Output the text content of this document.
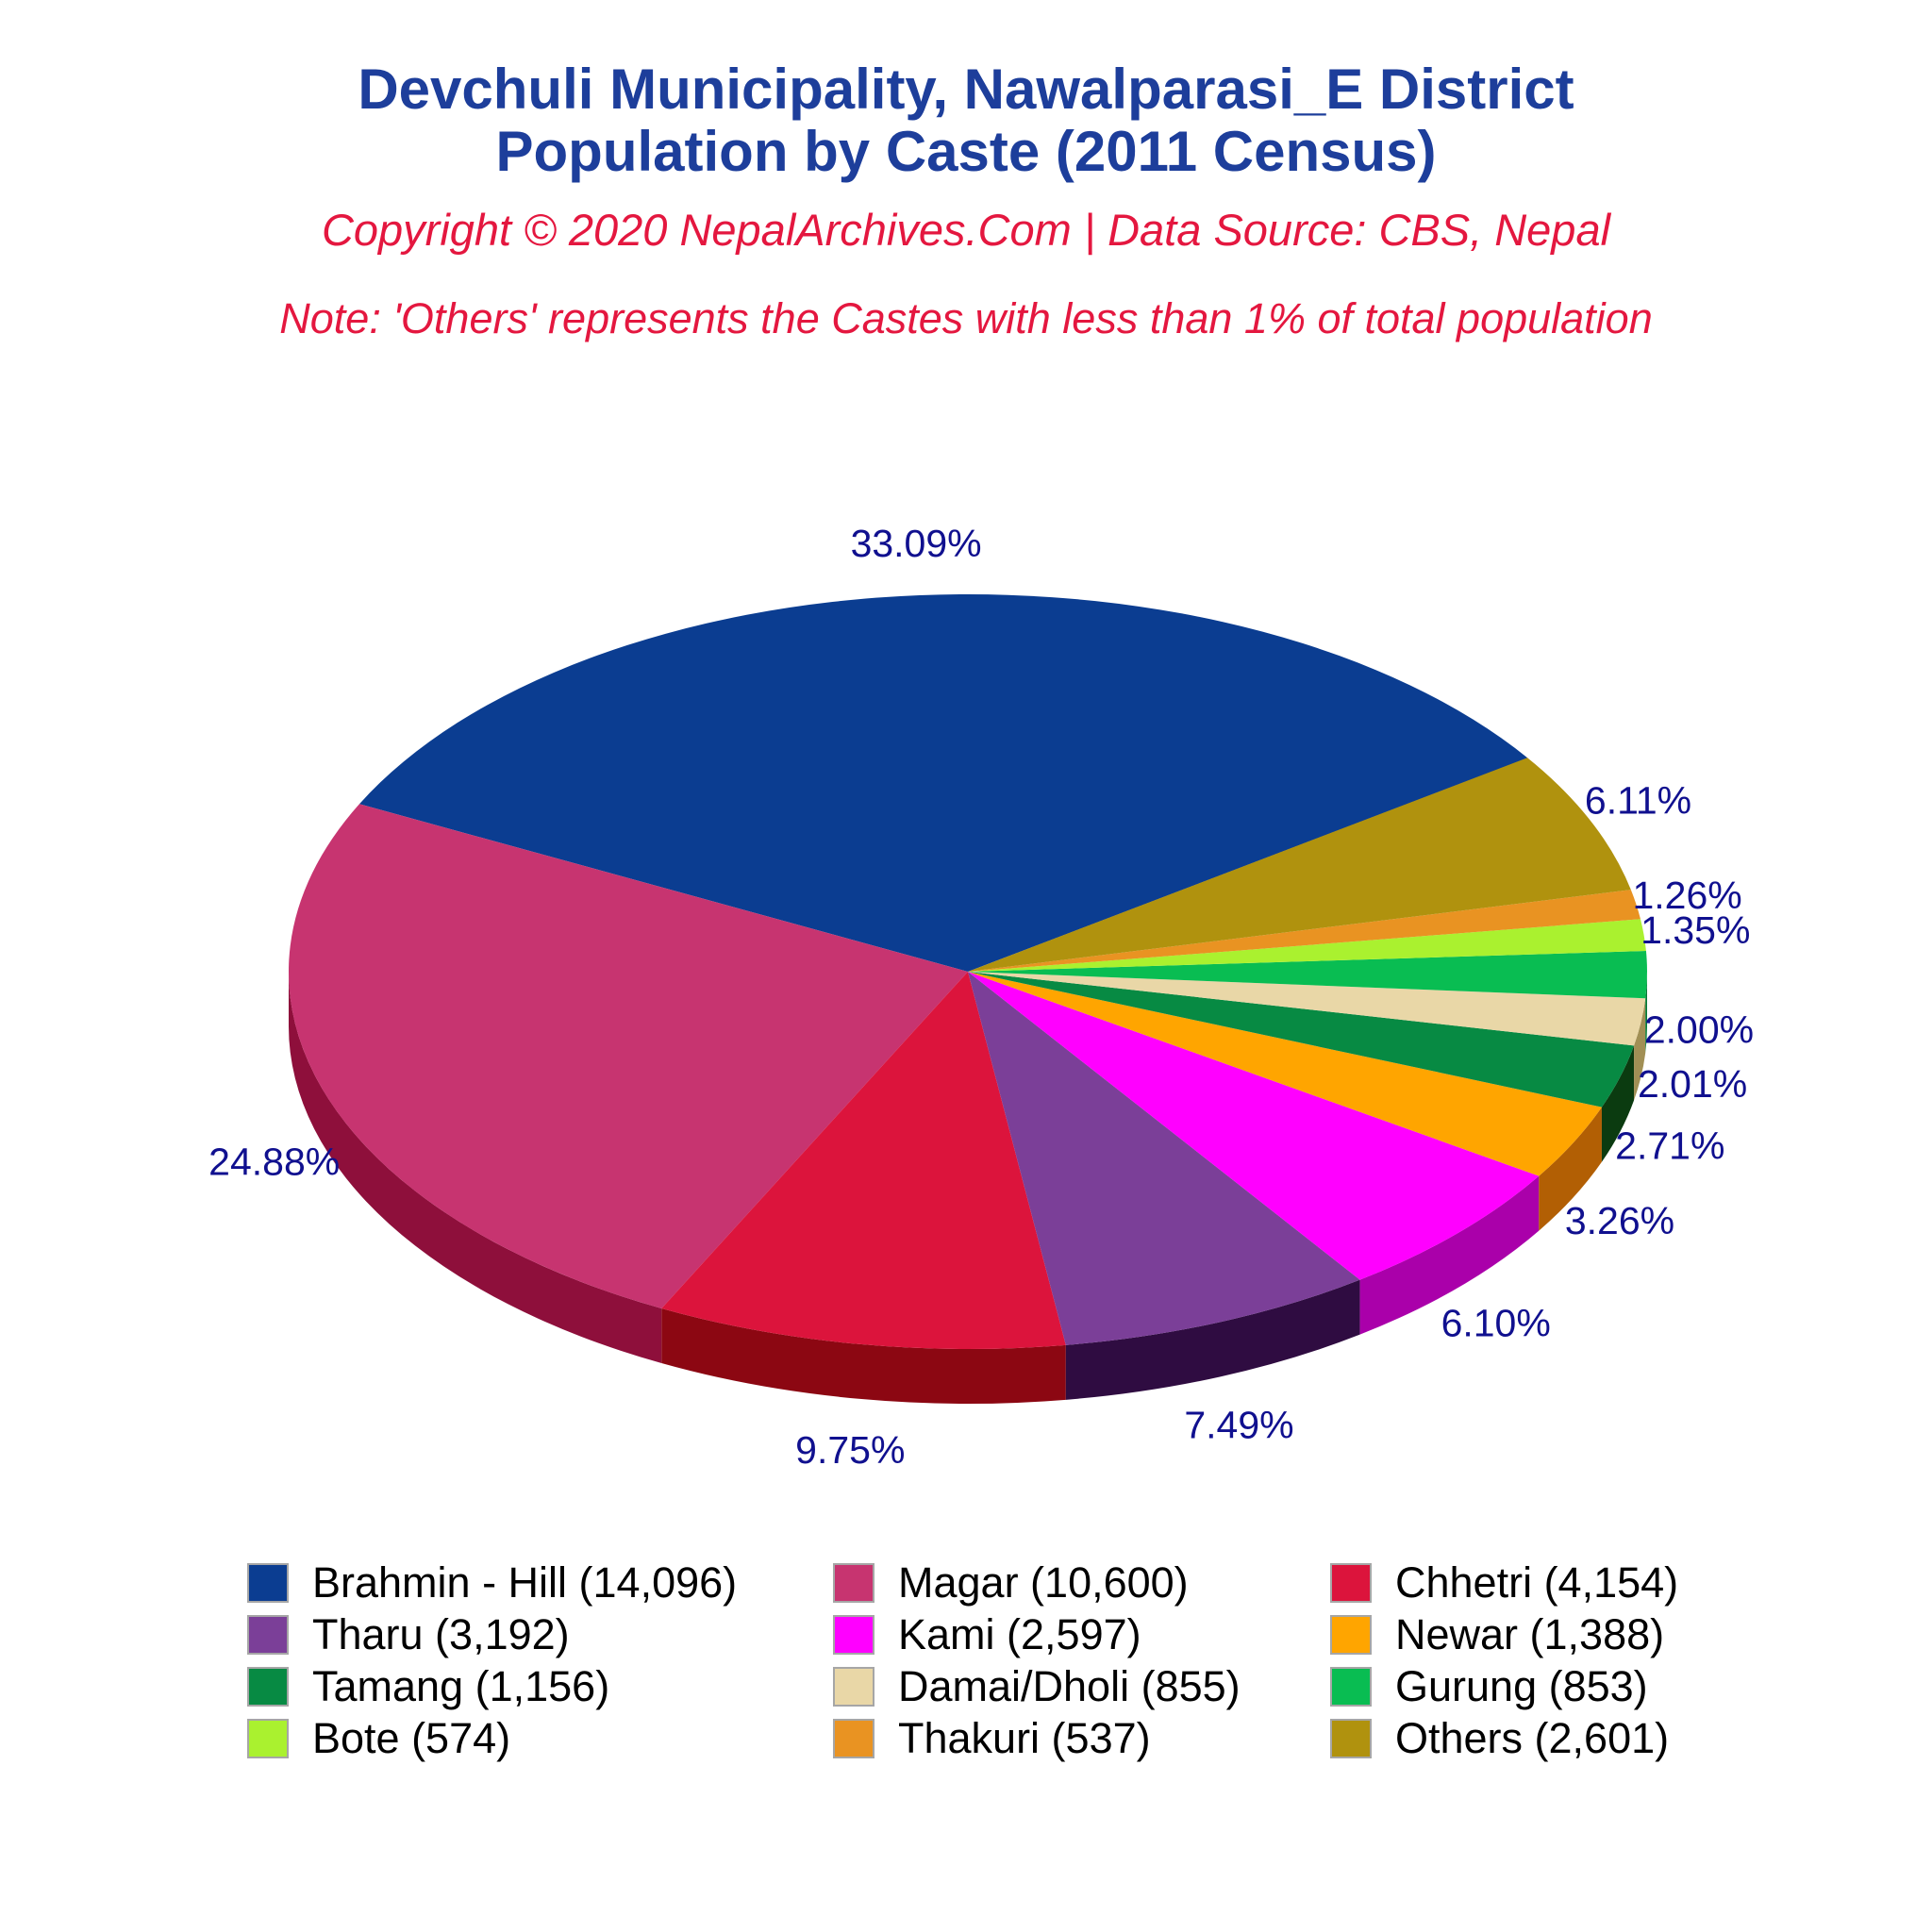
Devchuli Municipality, Nawalparasi_E District
Population by Caste (2011 Census)
Copyright © 2020 NepalArchives.Com | Data Source: CBS, Nepal
Note: 'Others' represents the Castes with less than 1% of total population
33.09%
24.88%
9.75%
7.49%
6.10%
3.26%
2.71%
2.01%
2.00%
1.35%
1.26%
6.11%
Brahmin - Hill (14,096)	Magar (10,600)	Chhetri (4,154)
Tharu (3,192)	Kami (2,597)	Newar (1,388)
Tamang (1,156)	Damai/Dholi (855)	Gurung (853)
Bote (574)	Thakuri (537)	Others (2,601)
